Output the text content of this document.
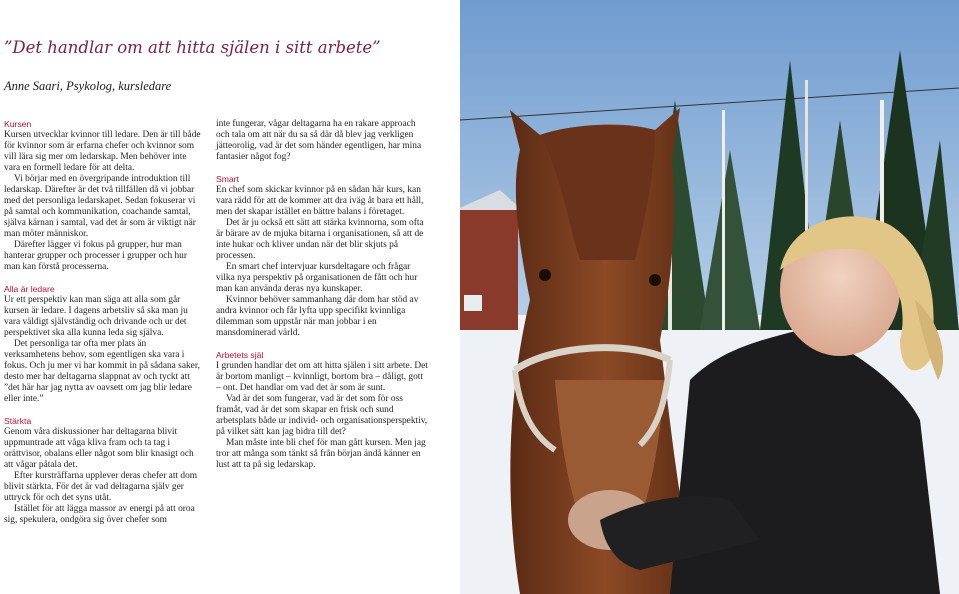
”Det handlar om att hitta själen i sitt arbete”
Anne Saari, Psykolog, kursledare
Kursen

Kursen utvecklar kvinnor till ledare. Den är till både för kvinnor som är erfarna chefer och kvinnor som vill lära sig mer om ledarskap. Men behöver inte vara en formell ledare för att delta.

Vi börjar med en övergripande introduktion till ledarskap. Därefter är det två tillfällen då vi jobbar med det personliga ledarskapet. Sedan fokuserar vi på samtal och kommunikation, coachande samtal, själva kärnan i samtal, vad det är som är viktigt när man möter människor.

Därefter lägger vi fokus på grupper, hur man hanterar grupper och processer i grupper och hur man kan förstå processerna.

Alla är ledare

Ur ett perspektiv kan man säga att alla som går kursen är ledare. I dagens arbetsliv så ska man ju vara väldigt självständig och drivande och ur det perspektivet ska alla kunna leda sig själva.

Det personliga tar ofta mer plats än verksamhetens behov, som egentligen ska vara i fokus. Och ju mer vi har kommit in på sådana saker, desto mer har deltagarna slappnat av och tyckt att ”det här har jag nytta av oavsett om jag blir ledare eller inte.”

Stärkta

Genom våra diskussioner har deltagarna blivit uppmuntrade att våga kliva fram och ta tag i orättvisor, obalans eller något som blir knasigt och att vågar påtala det.

Efter kursträffarna upplever deras chefer att dom blivit stärkta. För det är vad deltagarna själv ger uttryck för och det syns utåt.

Istället för att lägga massor av energi på att oroa sig, spekulera, ondgöra sig över chefer som

inte fungerar, vågar deltagarna ha en rakare approach och tala om att när du sa så där då blev jag verkligen jätteorolig, vad är det som händer egentligen, har mina fantasier något fog?

Smart

En chef som skickar kvinnor på en sådan här kurs, kan vara rädd för att de kommer att dra iväg åt bara ett håll, men det skapar istället en bättre balans i företaget.

Det är ju också ett sätt att stärka kvinnorna, som ofta är bärare av de mjuka bitarna i organisationen, så att de inte hukar och kliver undan när det blir skjuts på processen.

En smart chef intervjuar kursdeltagare och frågar vilka nya perspektiv på organisationen de fått och hur man kan använda deras nya kunskaper.

Kvinnor behöver sammanhang där dom har stöd av andra kvinnor och får lyfta upp specifikt kvinnliga dilemman som uppstår när man jobbar i en mansdominerad värld.

Arbetets själ

I grunden handlar det om att hitta själen i sitt arbete. Det är bortom manligt – kvinnligt, bortom bra – dåligt, gott – ont. Det handlar om vad det är som är sunt.

Vad är det som fungerar, vad är det som för oss framåt, vad är det som skapar en frisk och sund arbetsplats både ur individ- och organisationsperspektiv, på vilket sätt kan jag bidra till det?

Man måste inte bli chef för man gått kursen. Men jag tror att många som tänkt så från början ändå känner en lust att ta på sig ledarskap.
